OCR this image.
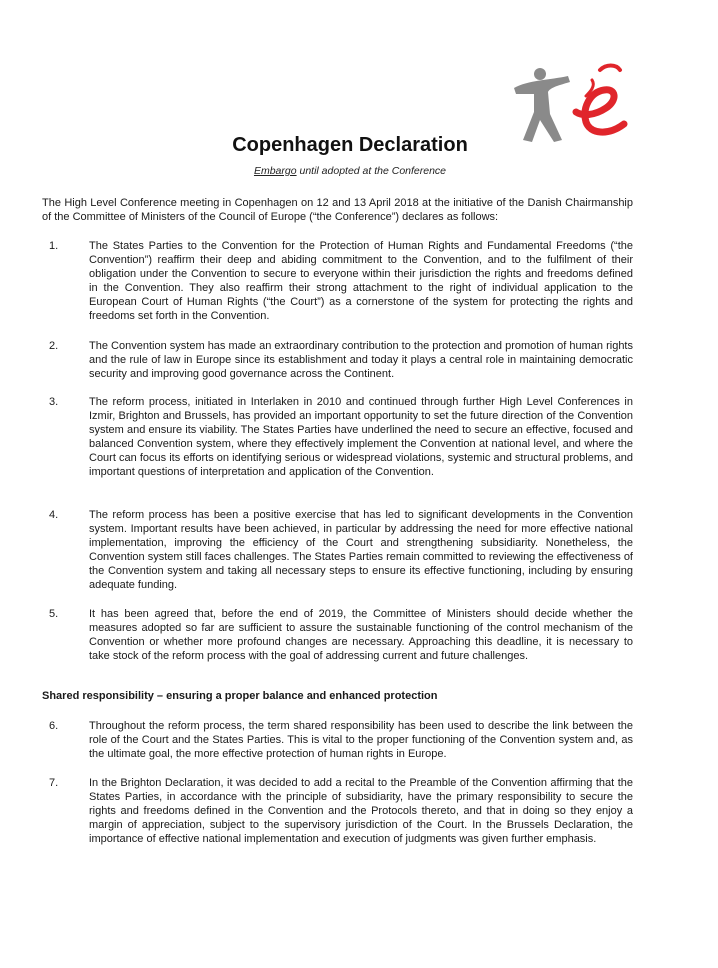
Copenhagen Declaration
Embargo until adopted at the Conference

The High Level Conference meeting in Copenhagen on 12 and 13 April 2018 at the initiative of the Danish Chairmanship of the Committee of Ministers of the Council of Europe (“the Conference”) declares as follows:

1.	The States Parties to the Convention for the Protection of Human Rights and Fundamental Freedoms (“the Convention”) reaffirm their deep and abiding commitment to the Convention, and to the fulfilment of their obligation under the Convention to secure to everyone within their jurisdiction the rights and freedoms defined in the Convention. They also reaffirm their strong attachment to the right of individual application to the European Court of Human Rights (“the Court”) as a cornerstone of the system for protecting the rights and freedoms set forth in the Convention.
2.	The Convention system has made an extraordinary contribution to the protection and promotion of human rights and the rule of law in Europe since its establishment and today it plays a central role in maintaining democratic security and improving good governance across the Continent.
3.	The reform process, initiated in Interlaken in 2010 and continued through further High Level Conferences in Izmir, Brighton and Brussels, has provided an important opportunity to set the future direction of the Convention system and ensure its viability. The States Parties have underlined the need to secure an effective, focused and balanced Convention system, where they effectively implement the Convention at national level, and where the Court can focus its efforts on identifying serious or widespread violations, systemic and structural problems, and important questions of interpretation and application of the Convention.
4.	The reform process has been a positive exercise that has led to significant developments in the Convention system. Important results have been achieved, in particular by addressing the need for more effective national implementation, improving the efficiency of the Court and strengthening subsidiarity. Nonetheless, the Convention system still faces challenges. The States Parties remain committed to reviewing the effectiveness of the Convention system and taking all necessary steps to ensure its effective functioning, including by ensuring adequate funding.
5.	It has been agreed that, before the end of 2019, the Committee of Ministers should decide whether the measures adopted so far are sufficient to assure the sustainable functioning of the control mechanism of the Convention or whether more profound changes are necessary. Approaching this deadline, it is necessary to take stock of the reform process with the goal of addressing current and future challenges.
Shared responsibility – ensuring a proper balance and enhanced protection
6.	Throughout the reform process, the term shared responsibility has been used to describe the link between the role of the Court and the States Parties. This is vital to the proper functioning of the Convention system and, as the ultimate goal, the more effective protection of human rights in Europe.
7.	In the Brighton Declaration, it was decided to add a recital to the Preamble of the Convention affirming that the States Parties, in accordance with the principle of subsidiarity, have the primary responsibility to secure the rights and freedoms defined in the Convention and the Protocols thereto, and that in doing so they enjoy a margin of appreciation, subject to the supervisory jurisdiction of the Court. In the Brussels Declaration, the importance of effective national implementation and execution of judgments was given further emphasis.
